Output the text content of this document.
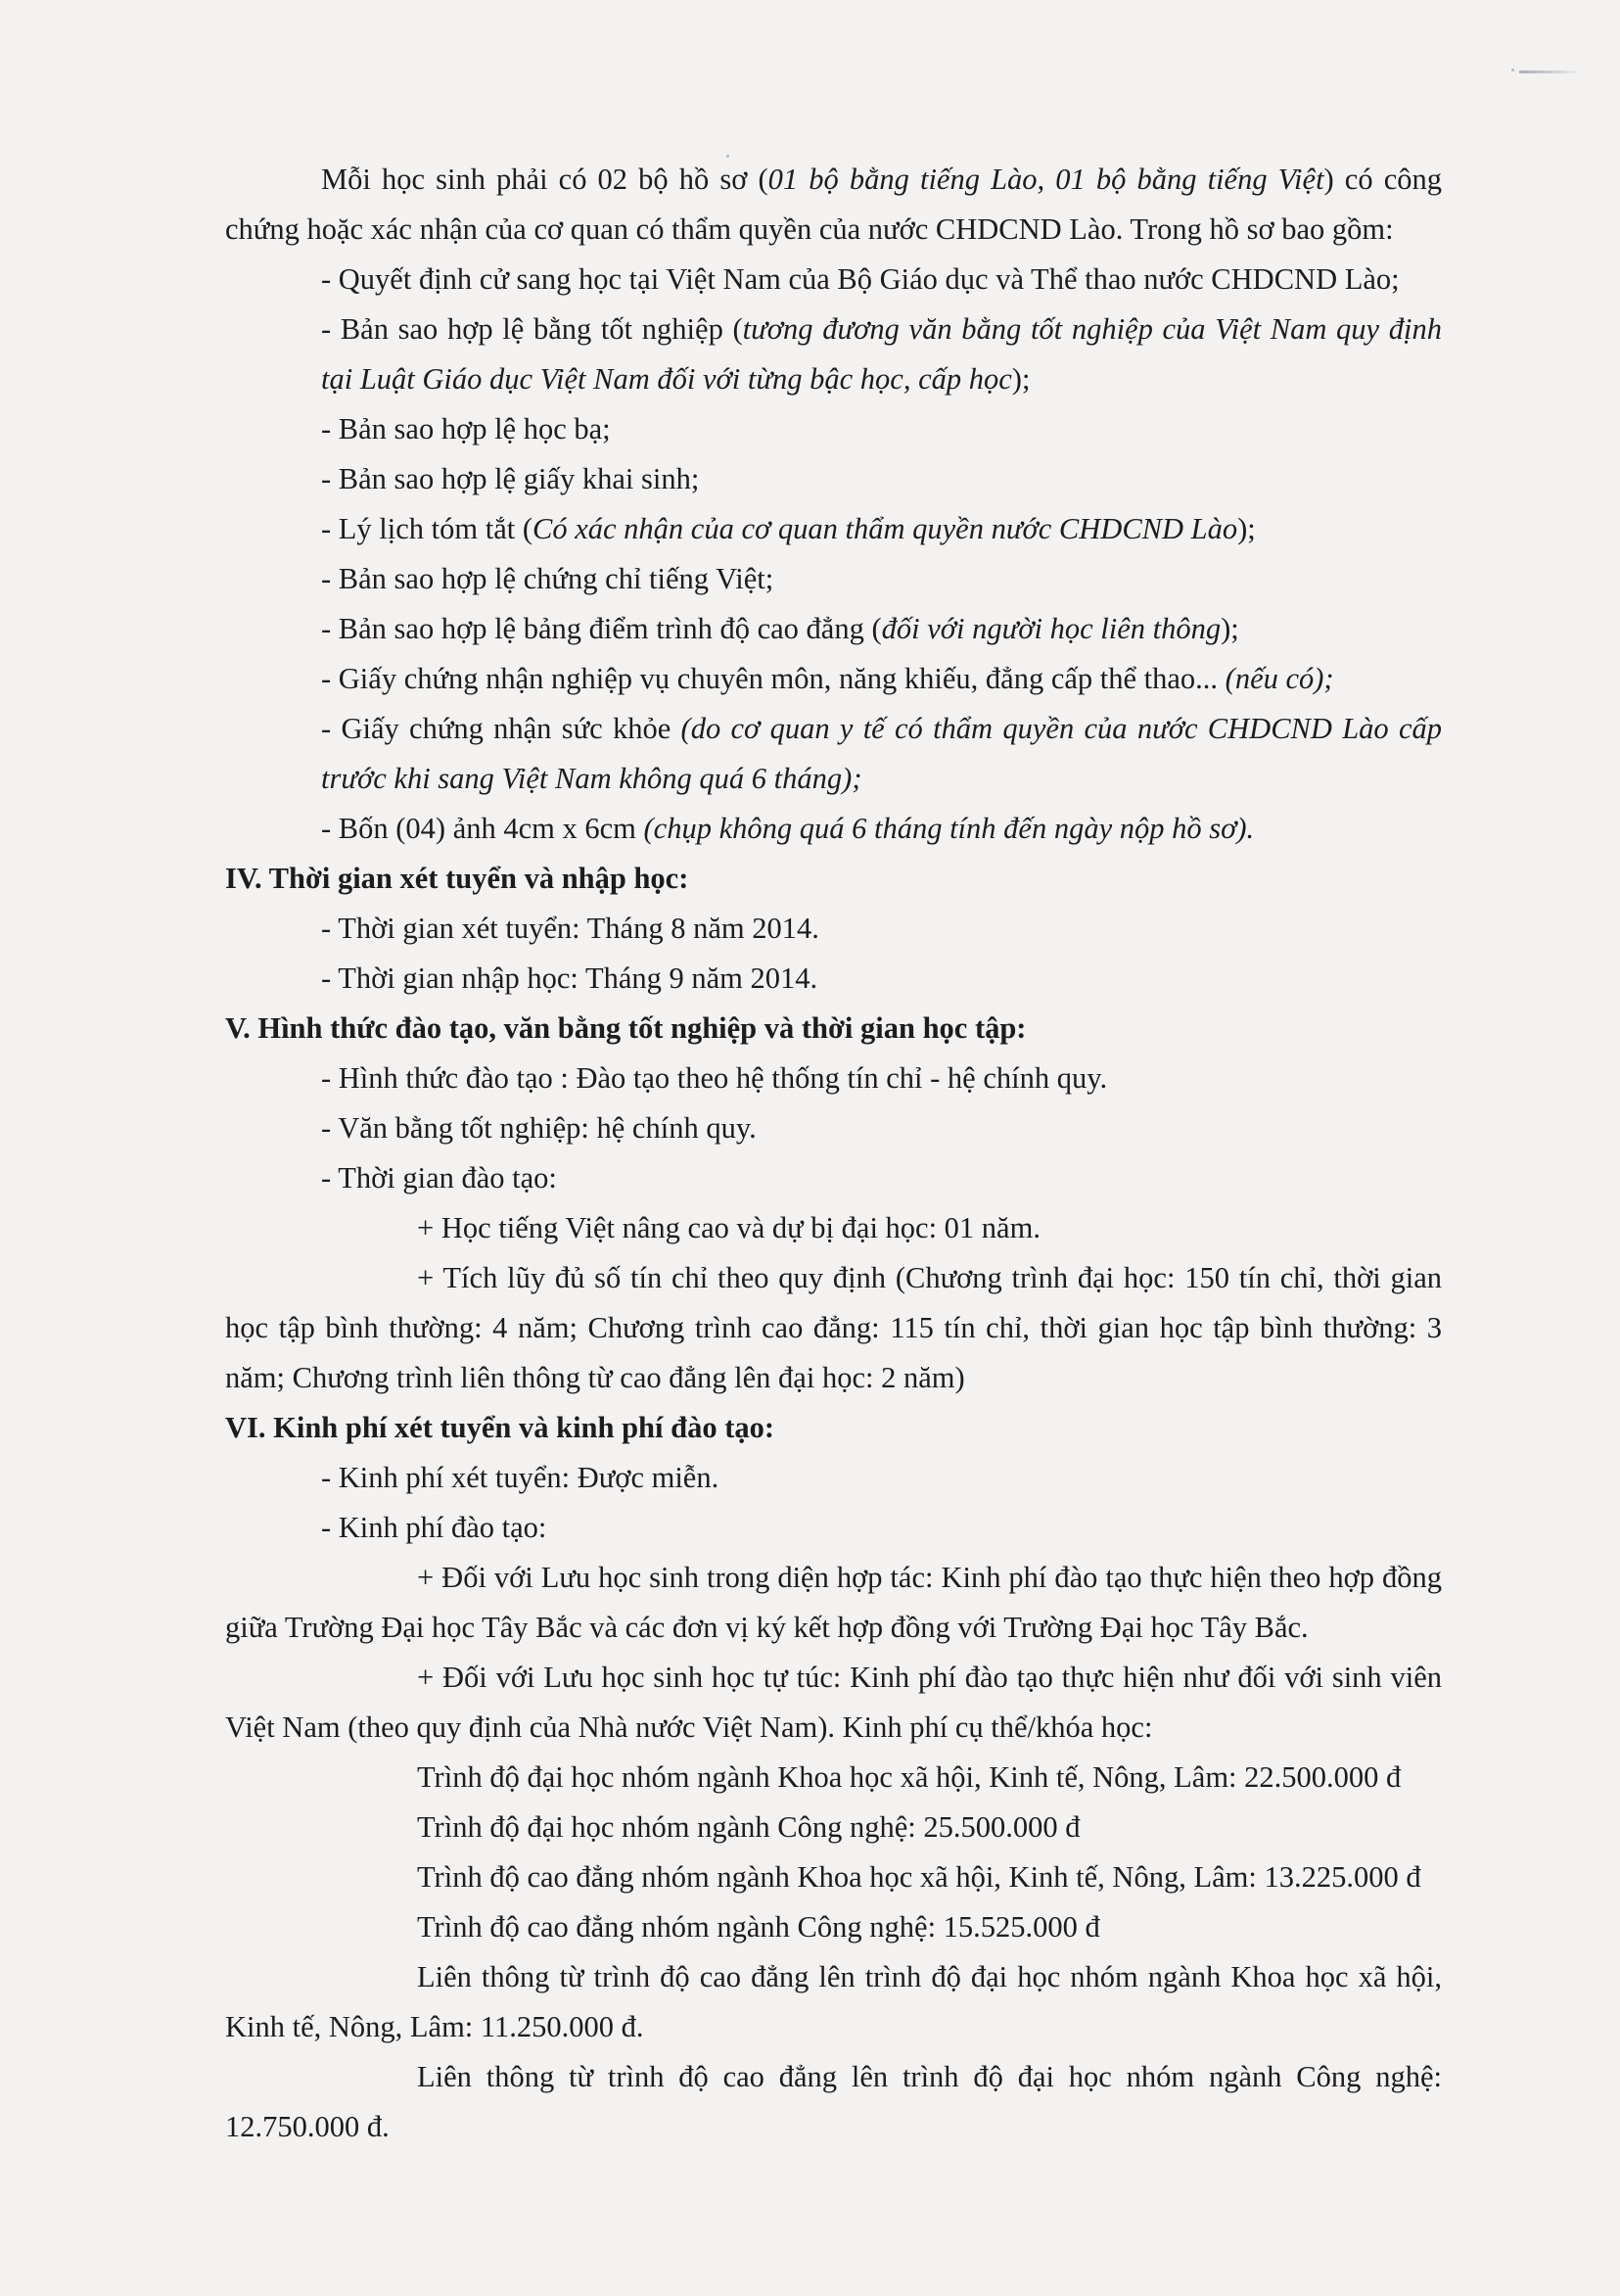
Mỗi học sinh phải có 02 bộ hồ sơ (01 bộ bằng tiếng Lào, 01 bộ bằng tiếng Việt) có công chứng hoặc xác nhận của cơ quan có thẩm quyền của nước CHDCND Lào. Trong hồ sơ bao gồm:

- Quyết định cử sang học tại Việt Nam của Bộ Giáo dục và Thể thao nước CHDCND Lào;

- Bản sao hợp lệ bằng tốt nghiệp (tương đương văn bằng tốt nghiệp của Việt Nam quy định tại Luật Giáo dục Việt Nam đối với từng bậc học, cấp học);

- Bản sao hợp lệ học bạ;

- Bản sao hợp lệ giấy khai sinh;

- Lý lịch tóm tắt (Có xác nhận của cơ quan thẩm quyền nước CHDCND Lào);

- Bản sao hợp lệ chứng chỉ tiếng Việt;

- Bản sao hợp lệ bảng điểm trình độ cao đẳng (đối với người học liên thông);

- Giấy chứng nhận nghiệp vụ chuyên môn, năng khiếu, đẳng cấp thể thao... (nếu có);

- Giấy chứng nhận sức khỏe (do cơ quan y tế có thẩm quyền của nước CHDCND Lào cấp trước khi sang Việt Nam không quá 6 tháng);

- Bốn (04) ảnh 4cm x 6cm (chụp không quá 6 tháng tính đến ngày nộp hồ sơ).

IV. Thời gian xét tuyển và nhập học:

- Thời gian xét tuyển: Tháng 8 năm 2014.

- Thời gian nhập học: Tháng 9 năm 2014.

V. Hình thức đào tạo, văn bằng tốt nghiệp và thời gian học tập:

- Hình thức đào tạo : Đào tạo theo hệ thống tín chỉ - hệ chính quy.

- Văn bằng tốt nghiệp: hệ chính quy.

- Thời gian đào tạo:

+ Học tiếng Việt nâng cao và dự bị đại học: 01 năm.

+ Tích lũy đủ số tín chỉ theo quy định (Chương trình đại học: 150 tín chỉ, thời gian học tập bình thường: 4 năm; Chương trình cao đẳng: 115 tín chỉ, thời gian học tập bình thường: 3 năm; Chương trình liên thông từ cao đẳng lên đại học: 2 năm)

VI. Kinh phí xét tuyển và kinh phí đào tạo:

- Kinh phí xét tuyển: Được miễn.

- Kinh phí đào tạo:

+ Đối với Lưu học sinh trong diện hợp tác: Kinh phí đào tạo thực hiện theo hợp đồng giữa Trường Đại học Tây Bắc và các đơn vị ký kết hợp đồng với Trường Đại học Tây Bắc.

+ Đối với Lưu học sinh học tự túc: Kinh phí đào tạo thực hiện như đối với sinh viên Việt Nam (theo quy định của Nhà nước Việt Nam). Kinh phí cụ thể/khóa học:

Trình độ đại học nhóm ngành Khoa học xã hội, Kinh tế, Nông, Lâm: 22.500.000 đ

Trình độ đại học nhóm ngành Công nghệ: 25.500.000 đ

Trình độ cao đẳng nhóm ngành Khoa học xã hội, Kinh tế, Nông, Lâm: 13.225.000 đ

Trình độ cao đẳng nhóm ngành Công nghệ: 15.525.000 đ

Liên thông từ trình độ cao đẳng lên trình độ đại học nhóm ngành Khoa học xã hội, Kinh tế, Nông, Lâm: 11.250.000 đ.

Liên thông từ trình độ cao đẳng lên trình độ đại học nhóm ngành Công nghệ: 12.750.000 đ.
